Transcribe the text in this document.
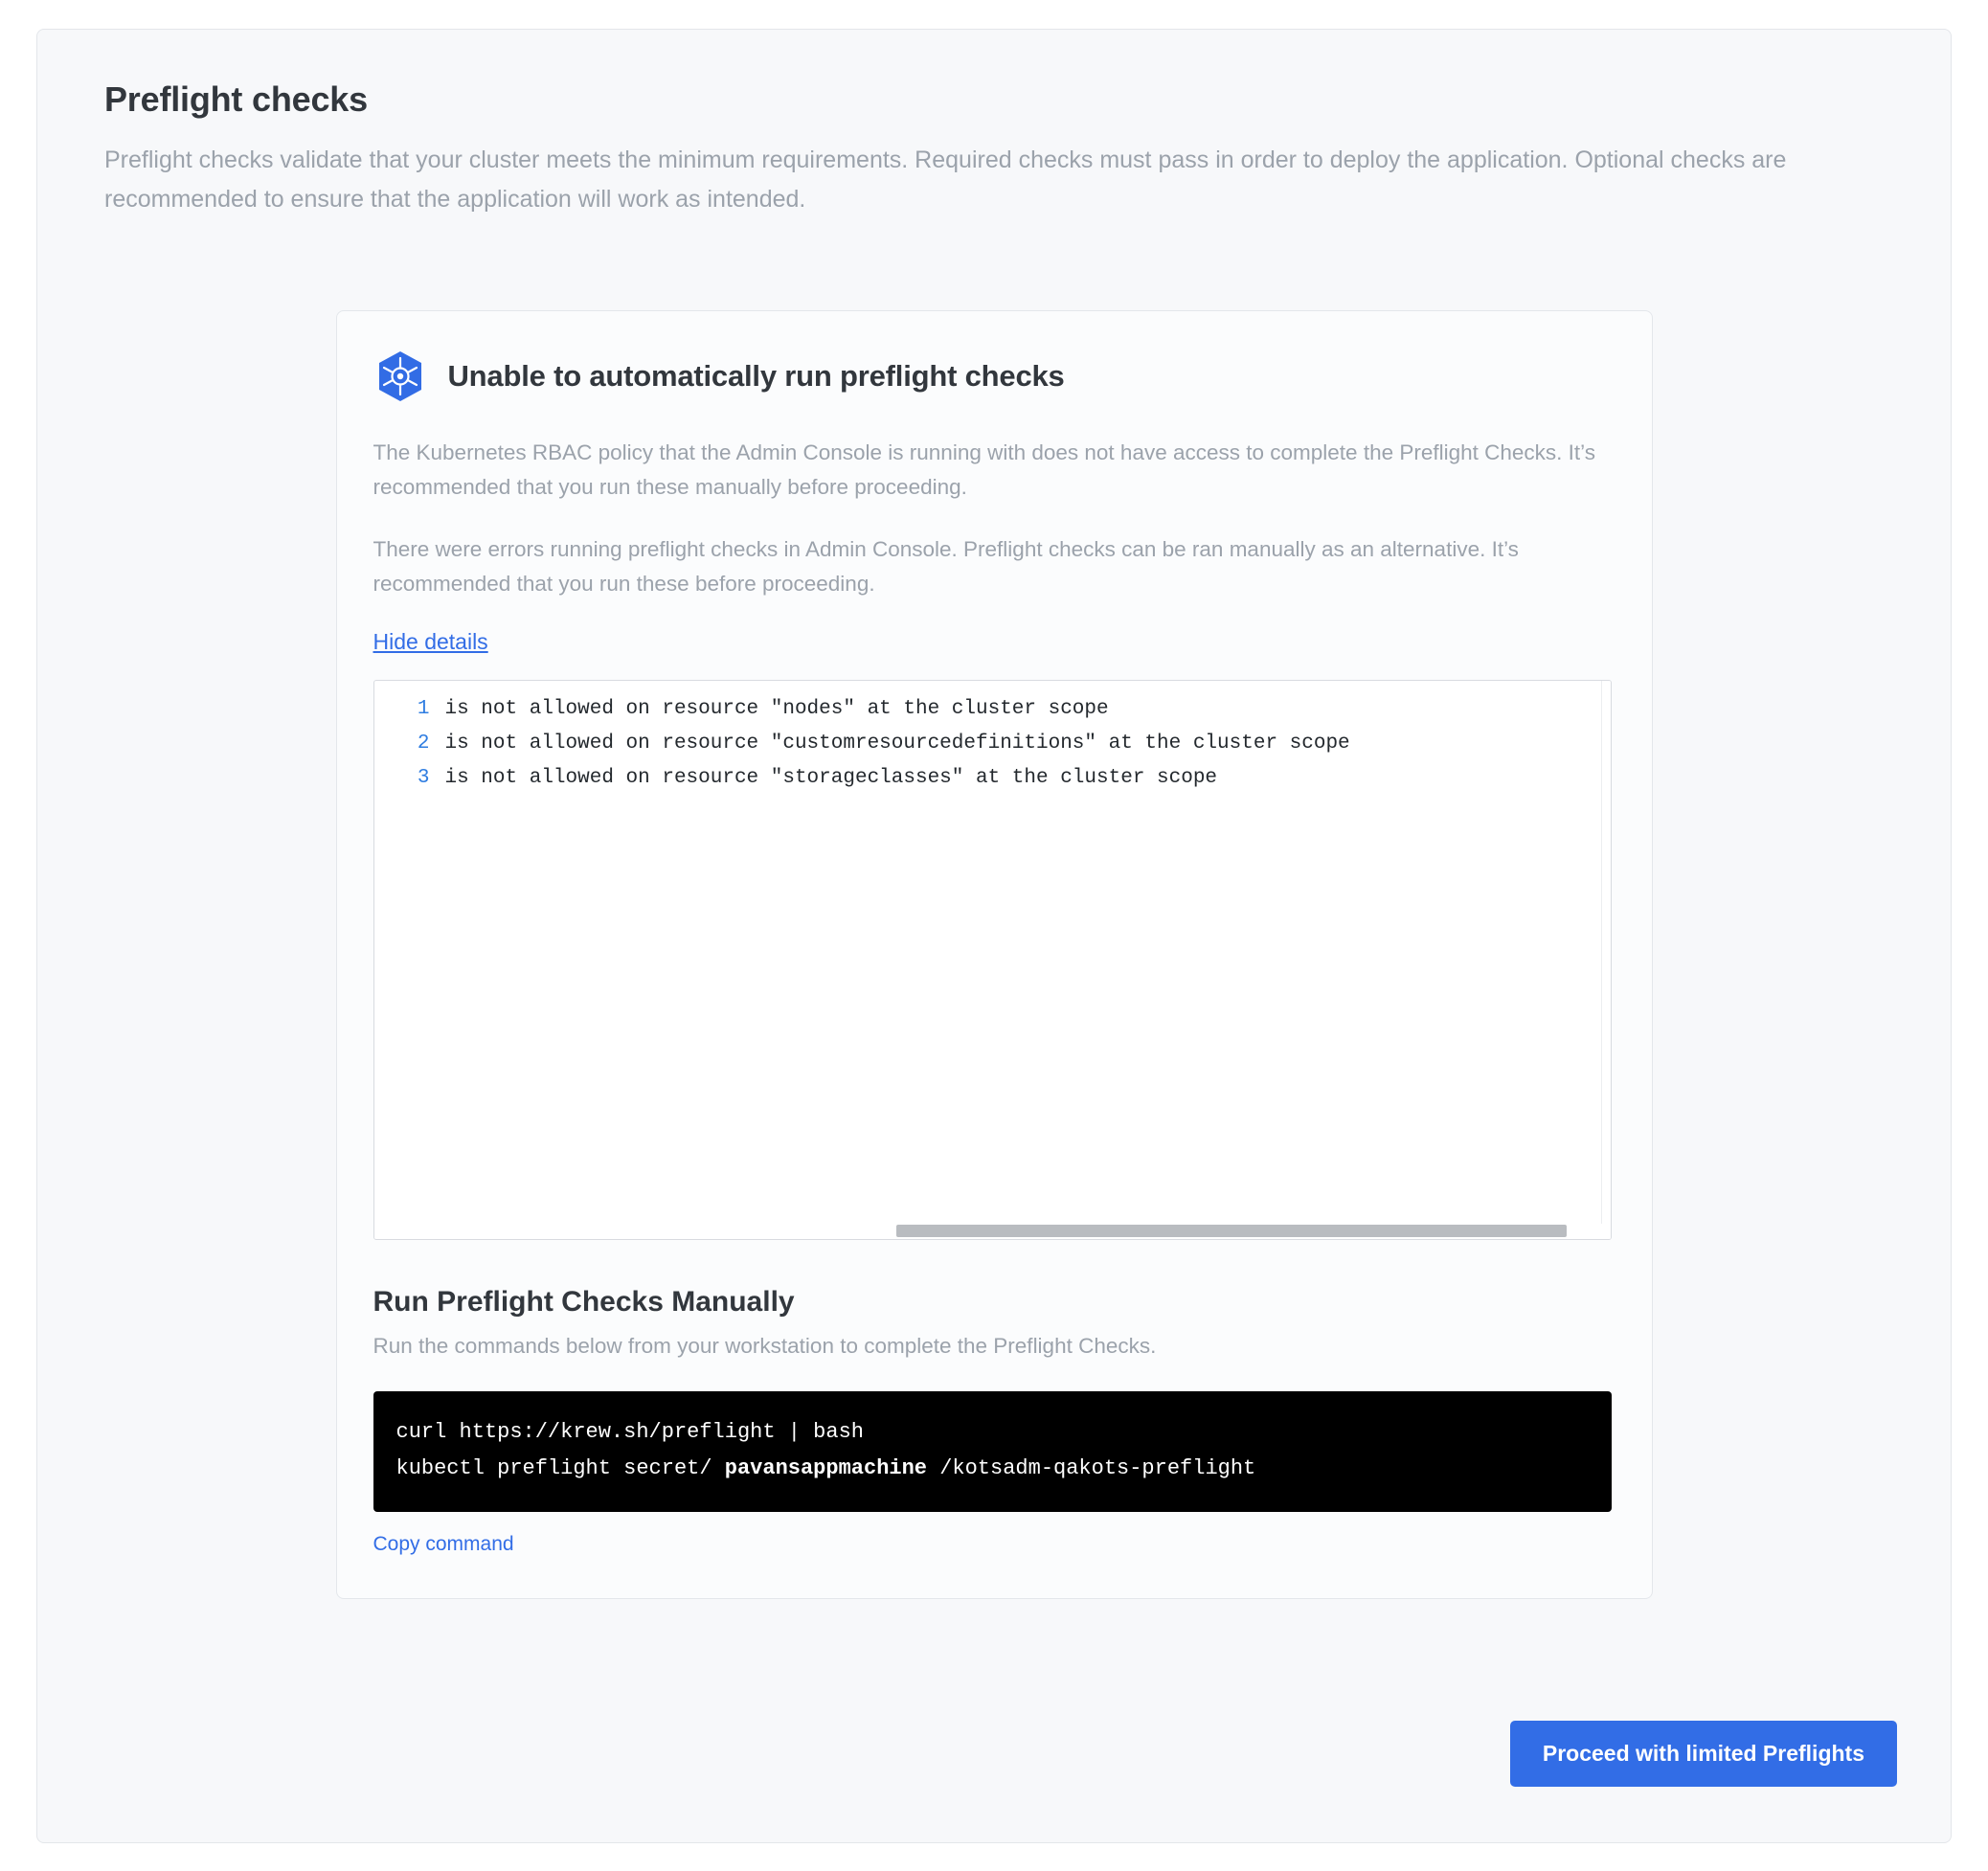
Preflight checks
Preflight checks validate that your cluster meets the minimum requirements. Required checks must pass in order to deploy the application. Optional checks are recommended to ensure that the application will work as intended.
Unable to automatically run preflight checks

The Kubernetes RBAC policy that the Admin Console is running with does not have access to complete the Preflight Checks. It’s recommended that you run these manually before proceeding.

There were errors running preflight checks in Admin Console. Preflight checks can be ran manually as an alternative. It’s recommended that you run these before proceeding.

Hide details
1 is not allowed on resource "nodes" at the cluster scope
2 is not allowed on resource "customresourcedefinitions" at the cluster scope
3 is not allowed on resource "storageclasses" at the cluster scope
Run Preflight Checks Manually
Run the commands below from your workstation to complete the Preflight Checks.
curl https://krew.sh/preflight | bash
kubectl preflight secret/ pavansappmachine /kotsadm-qakots-preflight
Copy command
Proceed with limited Preflights
